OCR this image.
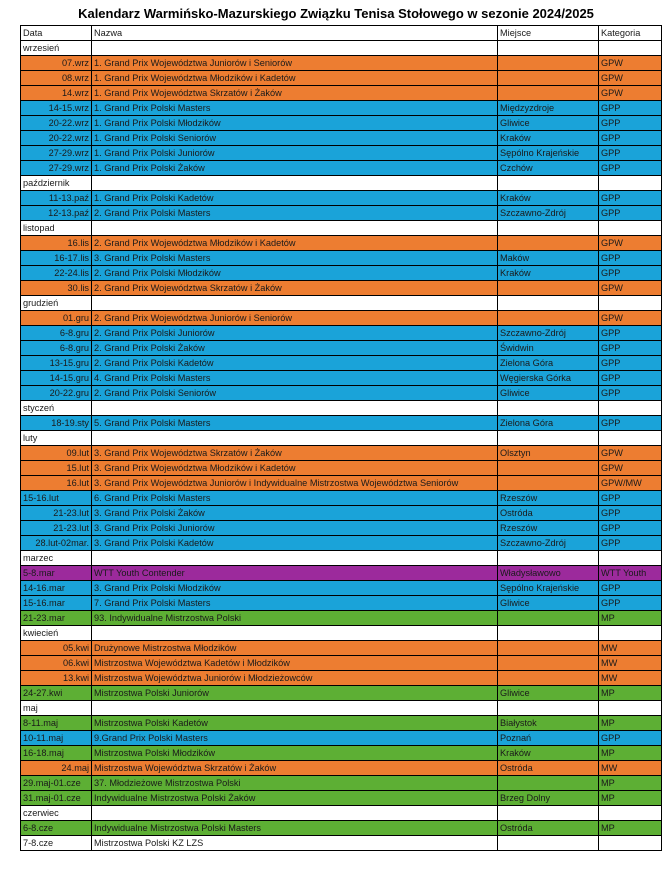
Kalendarz Warmińsko-Mazurskiego Związku Tenisa Stołowego w sezonie 2024/2025
Data	Nazwa	Miejsce	Kategoria
wrzesień			
07.wrz	1. Grand Prix Województwa Juniorów i Seniorów		GPW
08.wrz	1. Grand Prix Województwa Młodzików i Kadetów		GPW
14.wrz	1. Grand Prix Województwa Skrzatów i Żaków		GPW
14-15.wrz	1. Grand Prix Polski Masters	Międzyzdroje	GPP
20-22.wrz	1. Grand Prix Polski Młodzików	Gliwice	GPP
20-22.wrz	1. Grand Prix Polski Seniorów	Kraków	GPP
27-29.wrz	1. Grand Prix Polski Juniorów	Sępólno Krajeńskie	GPP
27-29.wrz	1. Grand Prix Polski Żaków	Czchów	GPP
październik			
11-13.paź	1. Grand Prix Polski Kadetów	Kraków	GPP
12-13.paź	2. Grand Prix Polski Masters	Szczawno-Zdrój	GPP
listopad			
16.lis	2. Grand Prix Województwa Młodzików i Kadetów		GPW
16-17.lis	3. Grand Prix Polski Masters	Maków	GPP
22-24.lis	2. Grand Prix Polski Młodzików	Kraków	GPP
30.lis	2. Grand Prix Województwa Skrzatów i Żaków		GPW
grudzień			
01.gru	2. Grand Prix Województwa Juniorów i Seniorów		GPW
6-8.gru	2. Grand Prix Polski Juniorów	Szczawno-Zdrój	GPP
6-8.gru	2. Grand Prix Polski Żaków	Świdwin	GPP
13-15.gru	2. Grand Prix Polski Kadetów	Zielona Góra	GPP
14-15.gru	4. Grand Prix Polski Masters	Węgierska Górka	GPP
20-22.gru	2. Grand Prix Polski Seniorów	Gliwice	GPP
styczeń			
18-19.sty	5. Grand Prix Polski Masters	Zielona Góra	GPP
luty			
09.lut	3. Grand Prix Województwa Skrzatów i Żaków	Olsztyn	GPW
15.lut	3. Grand Prix Województwa Młodzików i Kadetów		GPW
16.lut	3. Grand Prix Województwa Juniorów i Indywidualne Mistrzostwa Województwa Seniorów		GPW/MW
15-16.lut	6. Grand Prix Polski Masters	Rzeszów	GPP
21-23.lut	3. Grand Prix Polski Żaków	Ostróda	GPP
21-23.lut	3. Grand Prix Polski Juniorów	Rzeszów	GPP
28.lut-02mar.	3. Grand Prix Polski Kadetów	Szczawno-Zdrój	GPP
marzec			
5-8.mar	WTT Youth Contender	Władysławowo	WTT Youth
14-16.mar	3. Grand Prix Polski Młodzików	Sępólno Krajeńskie	GPP
15-16.mar	7. Grand Prix Polski Masters	Gliwice	GPP
21-23.mar	93. Indywidualne Mistrzostwa Polski		MP
kwiecień			
05.kwi	Drużynowe Mistrzostwa Młodzików		MW
06.kwi	Mistrzostwa Województwa Kadetów i Młodzików		MW
13.kwi	Mistrzostwa Województwa Juniorów i Młodzieżowców		MW
24-27.kwi	Mistrzostwa Polski Juniorów	Gliwice	MP
maj			
8-11.maj	Mistrzostwa Polski Kadetów	Białystok	MP
10-11.maj	9.Grand Prix Polski Masters	Poznań	GPP
16-18.maj	Mistrzostwa Polski Młodzików	Kraków	MP
24.maj	Mistrzostwa Województwa Skrzatów i Żaków	Ostróda	MW
29.maj-01.cze	37. Młodzieżowe Mistrzostwa Polski		MP
31.maj-01.cze	Indywidualne Mistrzostwa Polski Żaków	Brzeg Dolny	MP
czerwiec			
6-8.cze	Indywidualne Mistrzostwa Polski Masters	Ostróda	MP
7-8.cze	Mistrzostwa Polski KZ LZS		
